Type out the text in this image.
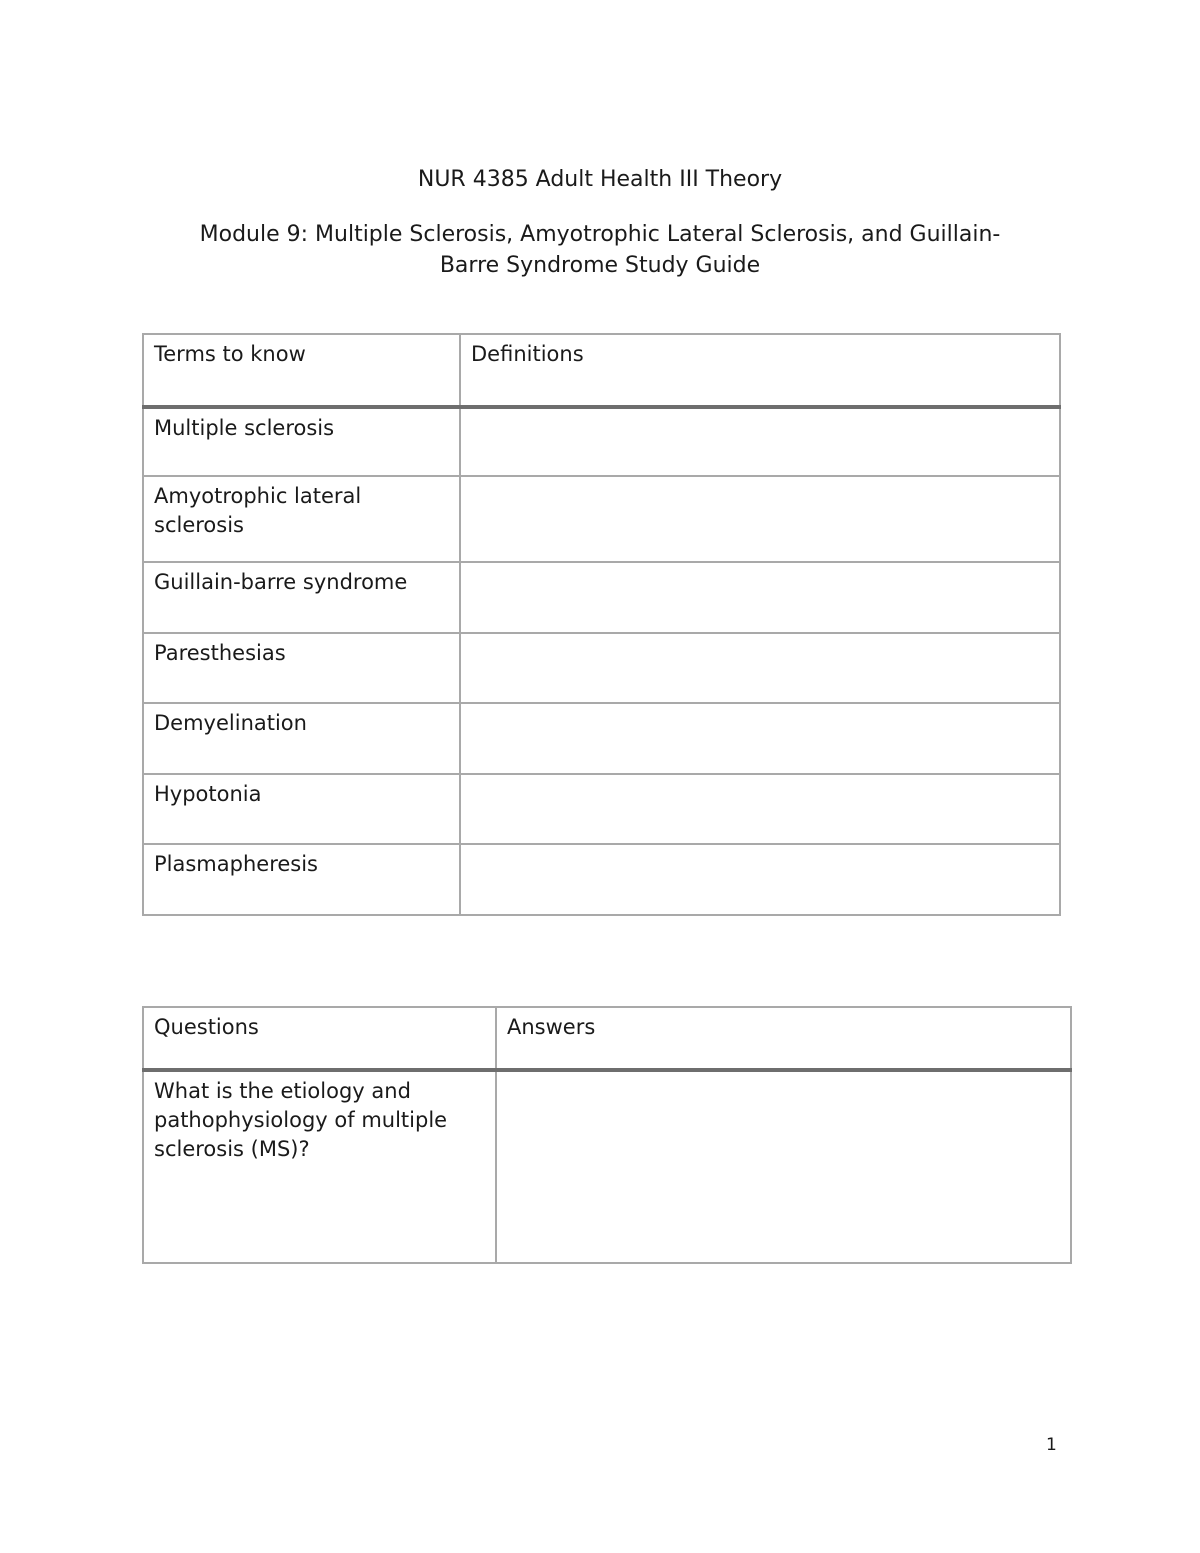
NUR 4385 Adult Health III Theory
Module 9: Multiple Sclerosis, Amyotrophic Lateral Sclerosis, and Guillain-
Barre Syndrome Study Guide
Terms to know	Definitions
Multiple sclerosis	
Amyotrophic lateral sclerosis	
Guillain-barre syndrome	
Paresthesias	
Demyelination	
Hypotonia	
Plasmapheresis	
Questions	Answers
What is the etiology and pathophysiology of multiple sclerosis (MS)?	
1
